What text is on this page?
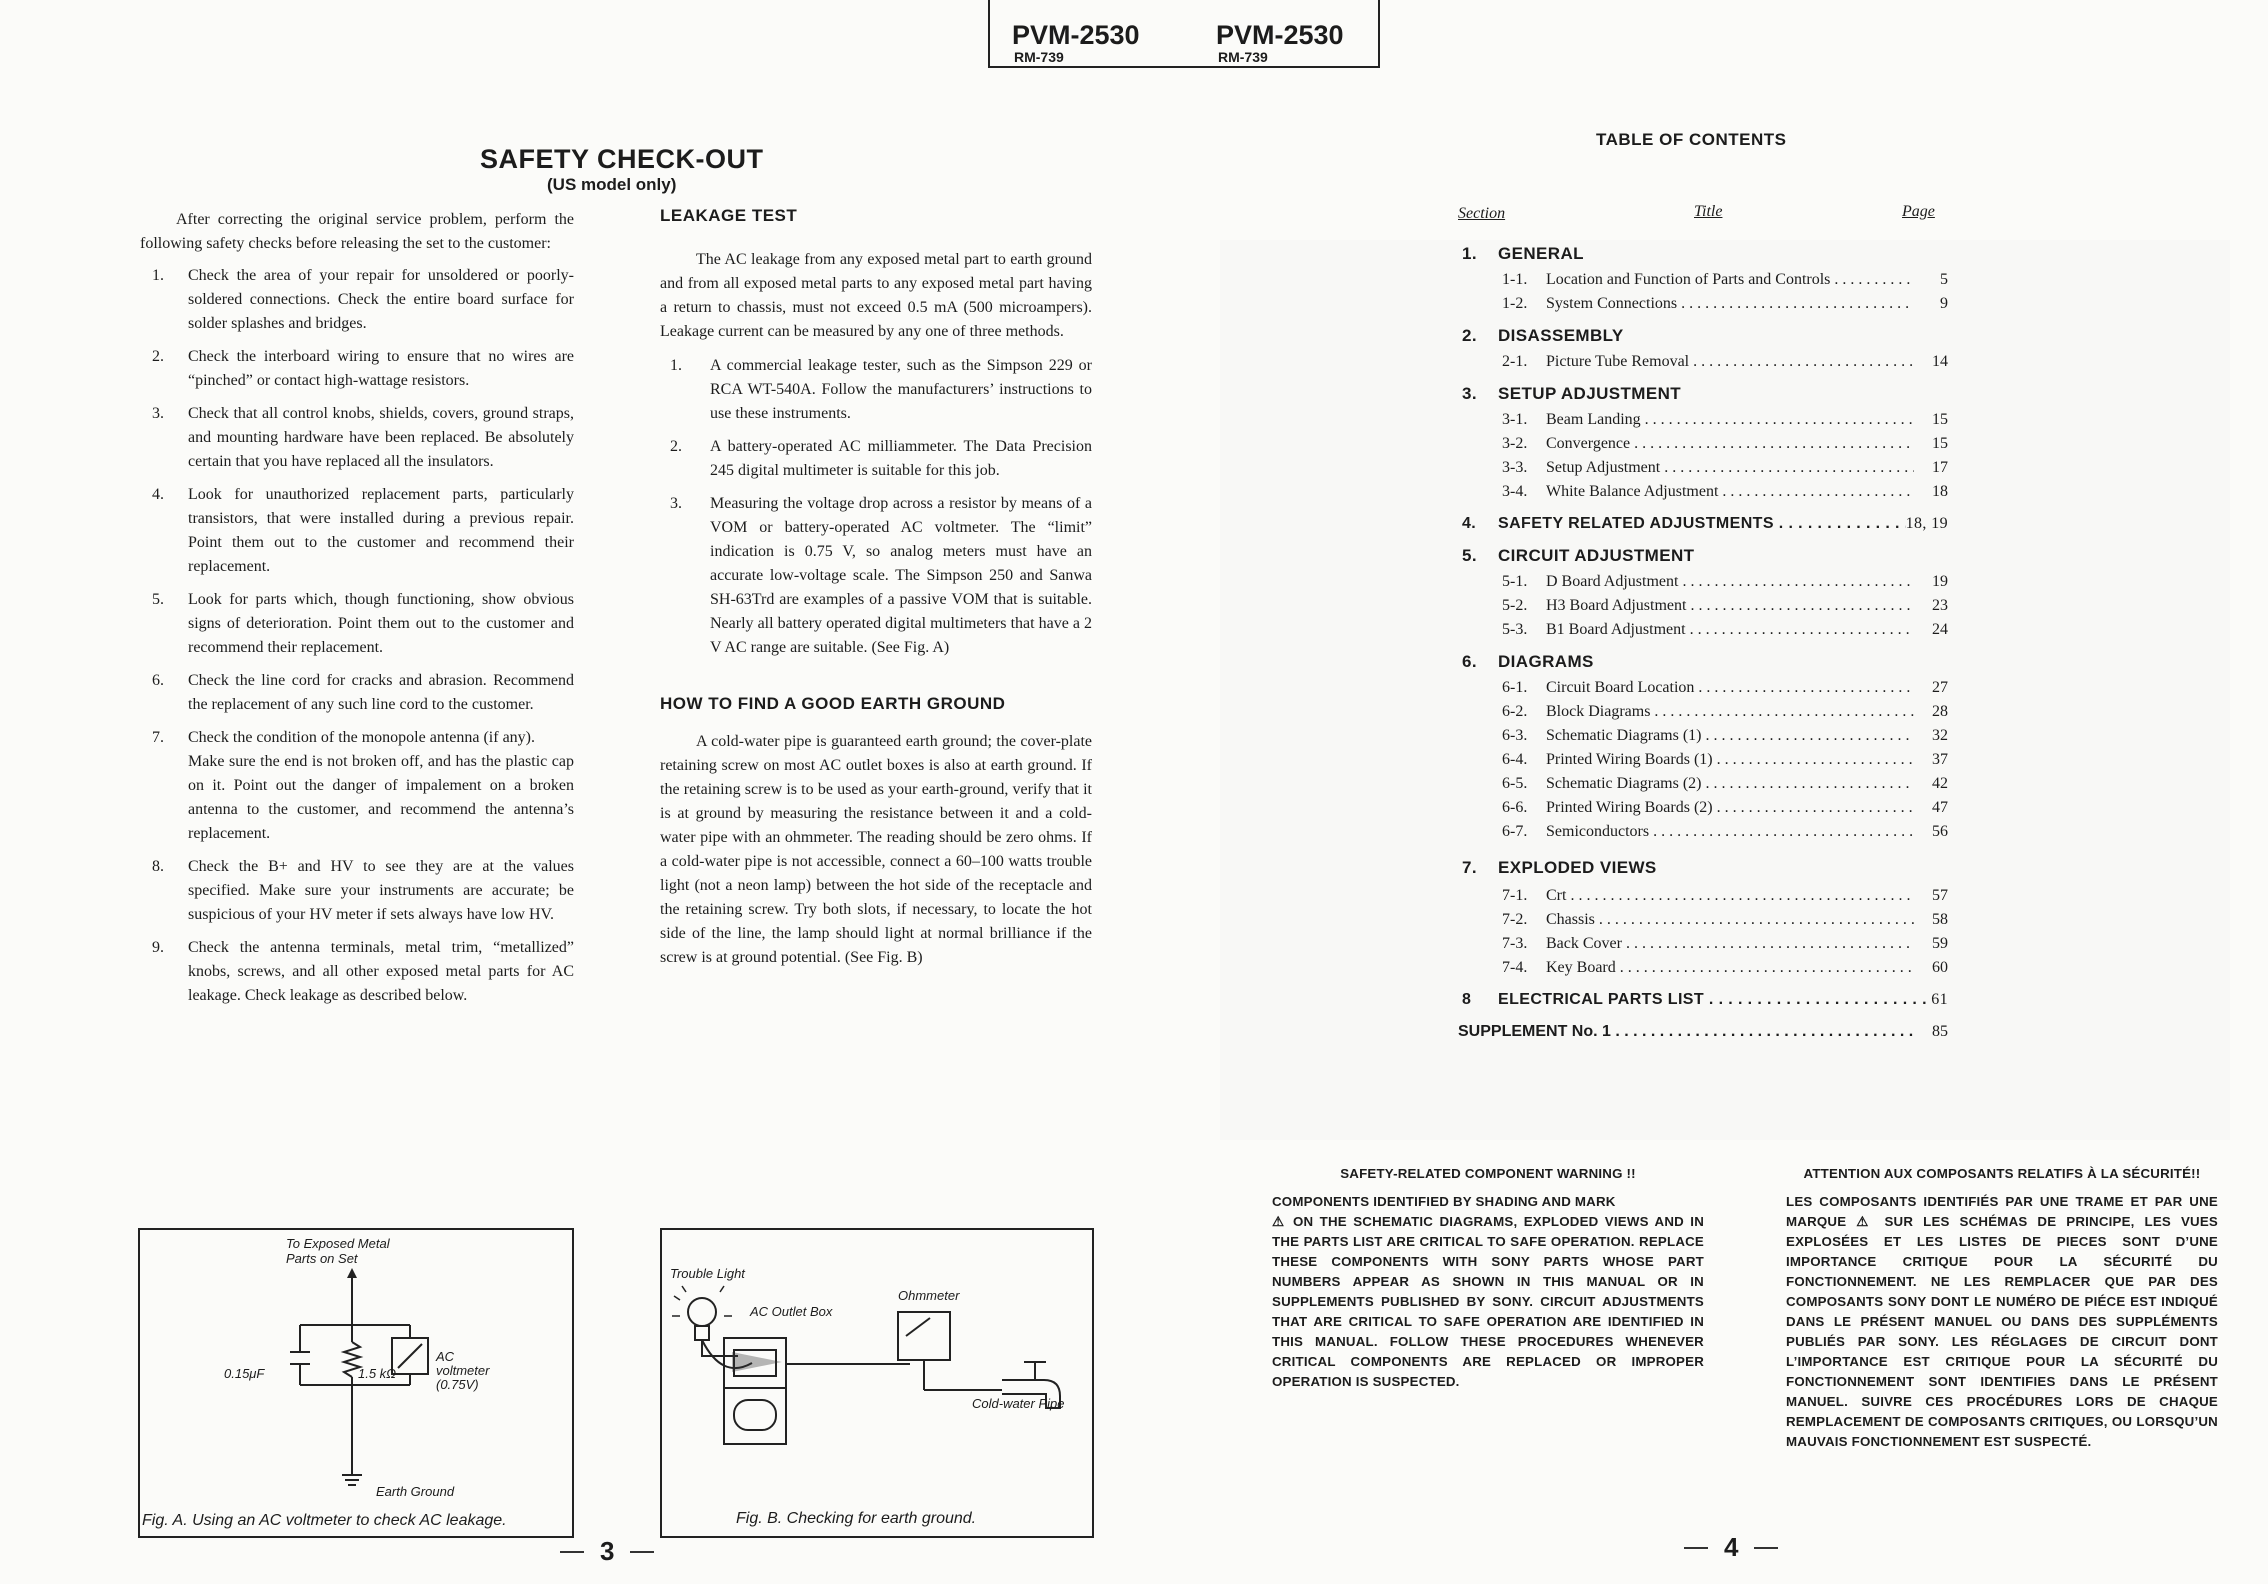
PVM-2530
RM-739
PVM-2530
RM-739
SAFETY CHECK-OUT
(US model only)

After correcting the original service problem, perform the following safety checks before releasing the set to the customer:

1. Check the area of your repair for unsoldered or poorly-soldered connections. Check the entire board surface for solder splashes and bridges.
2. Check the interboard wiring to ensure that no wires are “pinched” or contact high-wattage resistors.
3. Check that all control knobs, shields, covers, ground straps, and mounting hardware have been replaced. Be absolutely certain that you have replaced all the insulators.
4. Look for unauthorized replacement parts, particularly transistors, that were installed during a previous repair. Point them out to the customer and recommend their replacement.
5. Look for parts which, though functioning, show obvious signs of deterioration. Point them out to the customer and recommend their replacement.
6. Check the line cord for cracks and abrasion. Recommend the replacement of any such line cord to the customer.
7. Check the condition of the monopole antenna (if any).
Make sure the end is not broken off, and has the plastic cap on it. Point out the danger of impalement on a broken antenna to the customer, and recommend the antenna’s replacement.
8. Check the B+ and HV to see they are at the values specified. Make sure your instruments are accurate; be suspicious of your HV meter if sets always have low HV.
9. Check the antenna terminals, metal trim, “metallized” knobs, screws, and all other exposed metal parts for AC leakage. Check leakage as described below.
LEAKAGE TEST

The AC leakage from any exposed metal part to earth ground and from all exposed metal parts to any exposed metal part having a return to chassis, must not exceed 0.5 mA (500 microampers). Leakage current can be measured by any one of three methods.

1. A commercial leakage tester, such as the Simpson 229 or RCA WT-540A. Follow the manufacturers’ instructions to use these instruments.
2. A battery-operated AC milliammeter. The Data Precision 245 digital multimeter is suitable for this job.
3. Measuring the voltage drop across a resistor by means of a VOM or battery-operated AC voltmeter. The “limit” indication is 0.75 V, so analog meters must have an accurate low-voltage scale. The Simpson 250 and Sanwa SH-63Trd are examples of a passive VOM that is suitable. Nearly all battery operated digital multimeters that have a 2 V AC range are suitable. (See Fig. A)
HOW TO FIND A GOOD EARTH GROUND

A cold-water pipe is guaranteed earth ground; the cover-plate retaining screw on most AC outlet boxes is also at earth ground. If the retaining screw is to be used as your earth-ground, verify that it is at ground by measuring the resistance between it and a cold-water pipe with an ohmmeter. The reading should be zero ohms. If a cold-water pipe is not accessible, connect a 60–100 watts trouble light (not a neon lamp) between the hot side of the receptacle and the retaining screw. Try both slots, if necessary, to locate the hot side of the line, the lamp should light at normal brilliance if the screw is at ground potential. (See Fig. B)

To Exposed Metal
Parts on Set
0.15μF	1.5 kΩ
AC
voltmeter
(0.75V)
Earth Ground
Fig. A. Using an AC voltmeter to check AC leakage.
Trouble Light
AC Outlet Box
Ohmmeter
Cold-water Pipe
Fig. B. Checking for earth ground.
3
TABLE OF CONTENTS
Section	Title	Page
1. GENERAL
1-1.	Location and Function of Parts and Controls . . .	5
1-2.	System Connections . . .	9
2. DISASSEMBLY
2-1.	Picture Tube Removal . . .	14
3. SETUP ADJUSTMENT
3-1.	Beam Landing . . .	15
3-2.	Convergence . . .	15
3-3.	Setup Adjustment . . .	17
3-4.	White Balance Adjustment . . .	18
4.	SAFETY RELATED ADJUSTMENTS . . .	18, 19
5. CIRCUIT ADJUSTMENT
5-1.	D Board Adjustment . . .	19
5-2.	H3 Board Adjustment . . .	23
5-3.	B1 Board Adjustment . . .	24
6. DIAGRAMS
6-1.	Circuit Board Location . . .	27
6-2.	Block Diagrams . . .	28
6-3.	Schematic Diagrams (1) . . .	32
6-4.	Printed Wiring Boards (1) . . .	37
6-5.	Schematic Diagrams (2) . . .	42
6-6.	Printed Wiring Boards (2) . . .	47
6-7.	Semiconductors . . .	56
7. EXPLODED VIEWS
7-1.	Crt . . .	57
7-2.	Chassis . . .	58
7-3.	Back Cover . . .	59
7-4.	Key Board . . .	60
8	ELECTRICAL PARTS LIST . . .	61
SUPPLEMENT No. 1 . . .	85
SAFETY-RELATED COMPONENT WARNING !!
COMPONENTS IDENTIFIED BY SHADING AND MARK
⚠ ON THE SCHEMATIC DIAGRAMS, EXPLODED VIEWS AND IN THE PARTS LIST ARE CRITICAL TO SAFE OPERATION. REPLACE THESE COMPONENTS WITH SONY PARTS WHOSE PART NUMBERS APPEAR AS SHOWN IN THIS MANUAL OR IN SUPPLEMENTS PUBLISHED BY SONY. CIRCUIT ADJUSTMENTS THAT ARE CRITICAL TO SAFE OPERATION ARE IDENTIFIED IN THIS MANUAL. FOLLOW THESE PROCEDURES WHENEVER CRITICAL COMPONENTS ARE REPLACED OR IMPROPER OPERATION IS SUSPECTED.
ATTENTION AUX COMPOSANTS RELATIFS À LA SÉCURITÉ!!
LES COMPOSANTS IDENTIFIÉS PAR UNE TRAME ET PAR UNE MARQUE ⚠ SUR LES SCHÉMAS DE PRINCIPE, LES VUES EXPLOSÉES ET LES LISTES DE PIECES SONT D’UNE IMPORTANCE CRITIQUE POUR LA SÉCURITÉ DU FONCTIONNEMENT. NE LES REMPLACER QUE PAR DES COMPOSANTS SONY DONT LE NUMÉRO DE PIÉCE EST INDIQUÉ DANS LE PRÉSENT MANUEL OU DANS DES SUPPLÉMENTS PUBLIÉS PAR SONY. LES RÉGLAGES DE CIRCUIT DONT L’IMPORTANCE EST CRITIQUE POUR LA SÉCURITÉ DU FONCTIONNEMENT SONT IDENTIFIES DANS LE PRÉSENT MANUEL. SUIVRE CES PROCÉDURES LORS DE CHAQUE REMPLACEMENT DE COMPOSANTS CRITIQUES, OU LORSQU’UN MAUVAIS FONCTIONNEMENT EST SUSPECTÉ.
4
